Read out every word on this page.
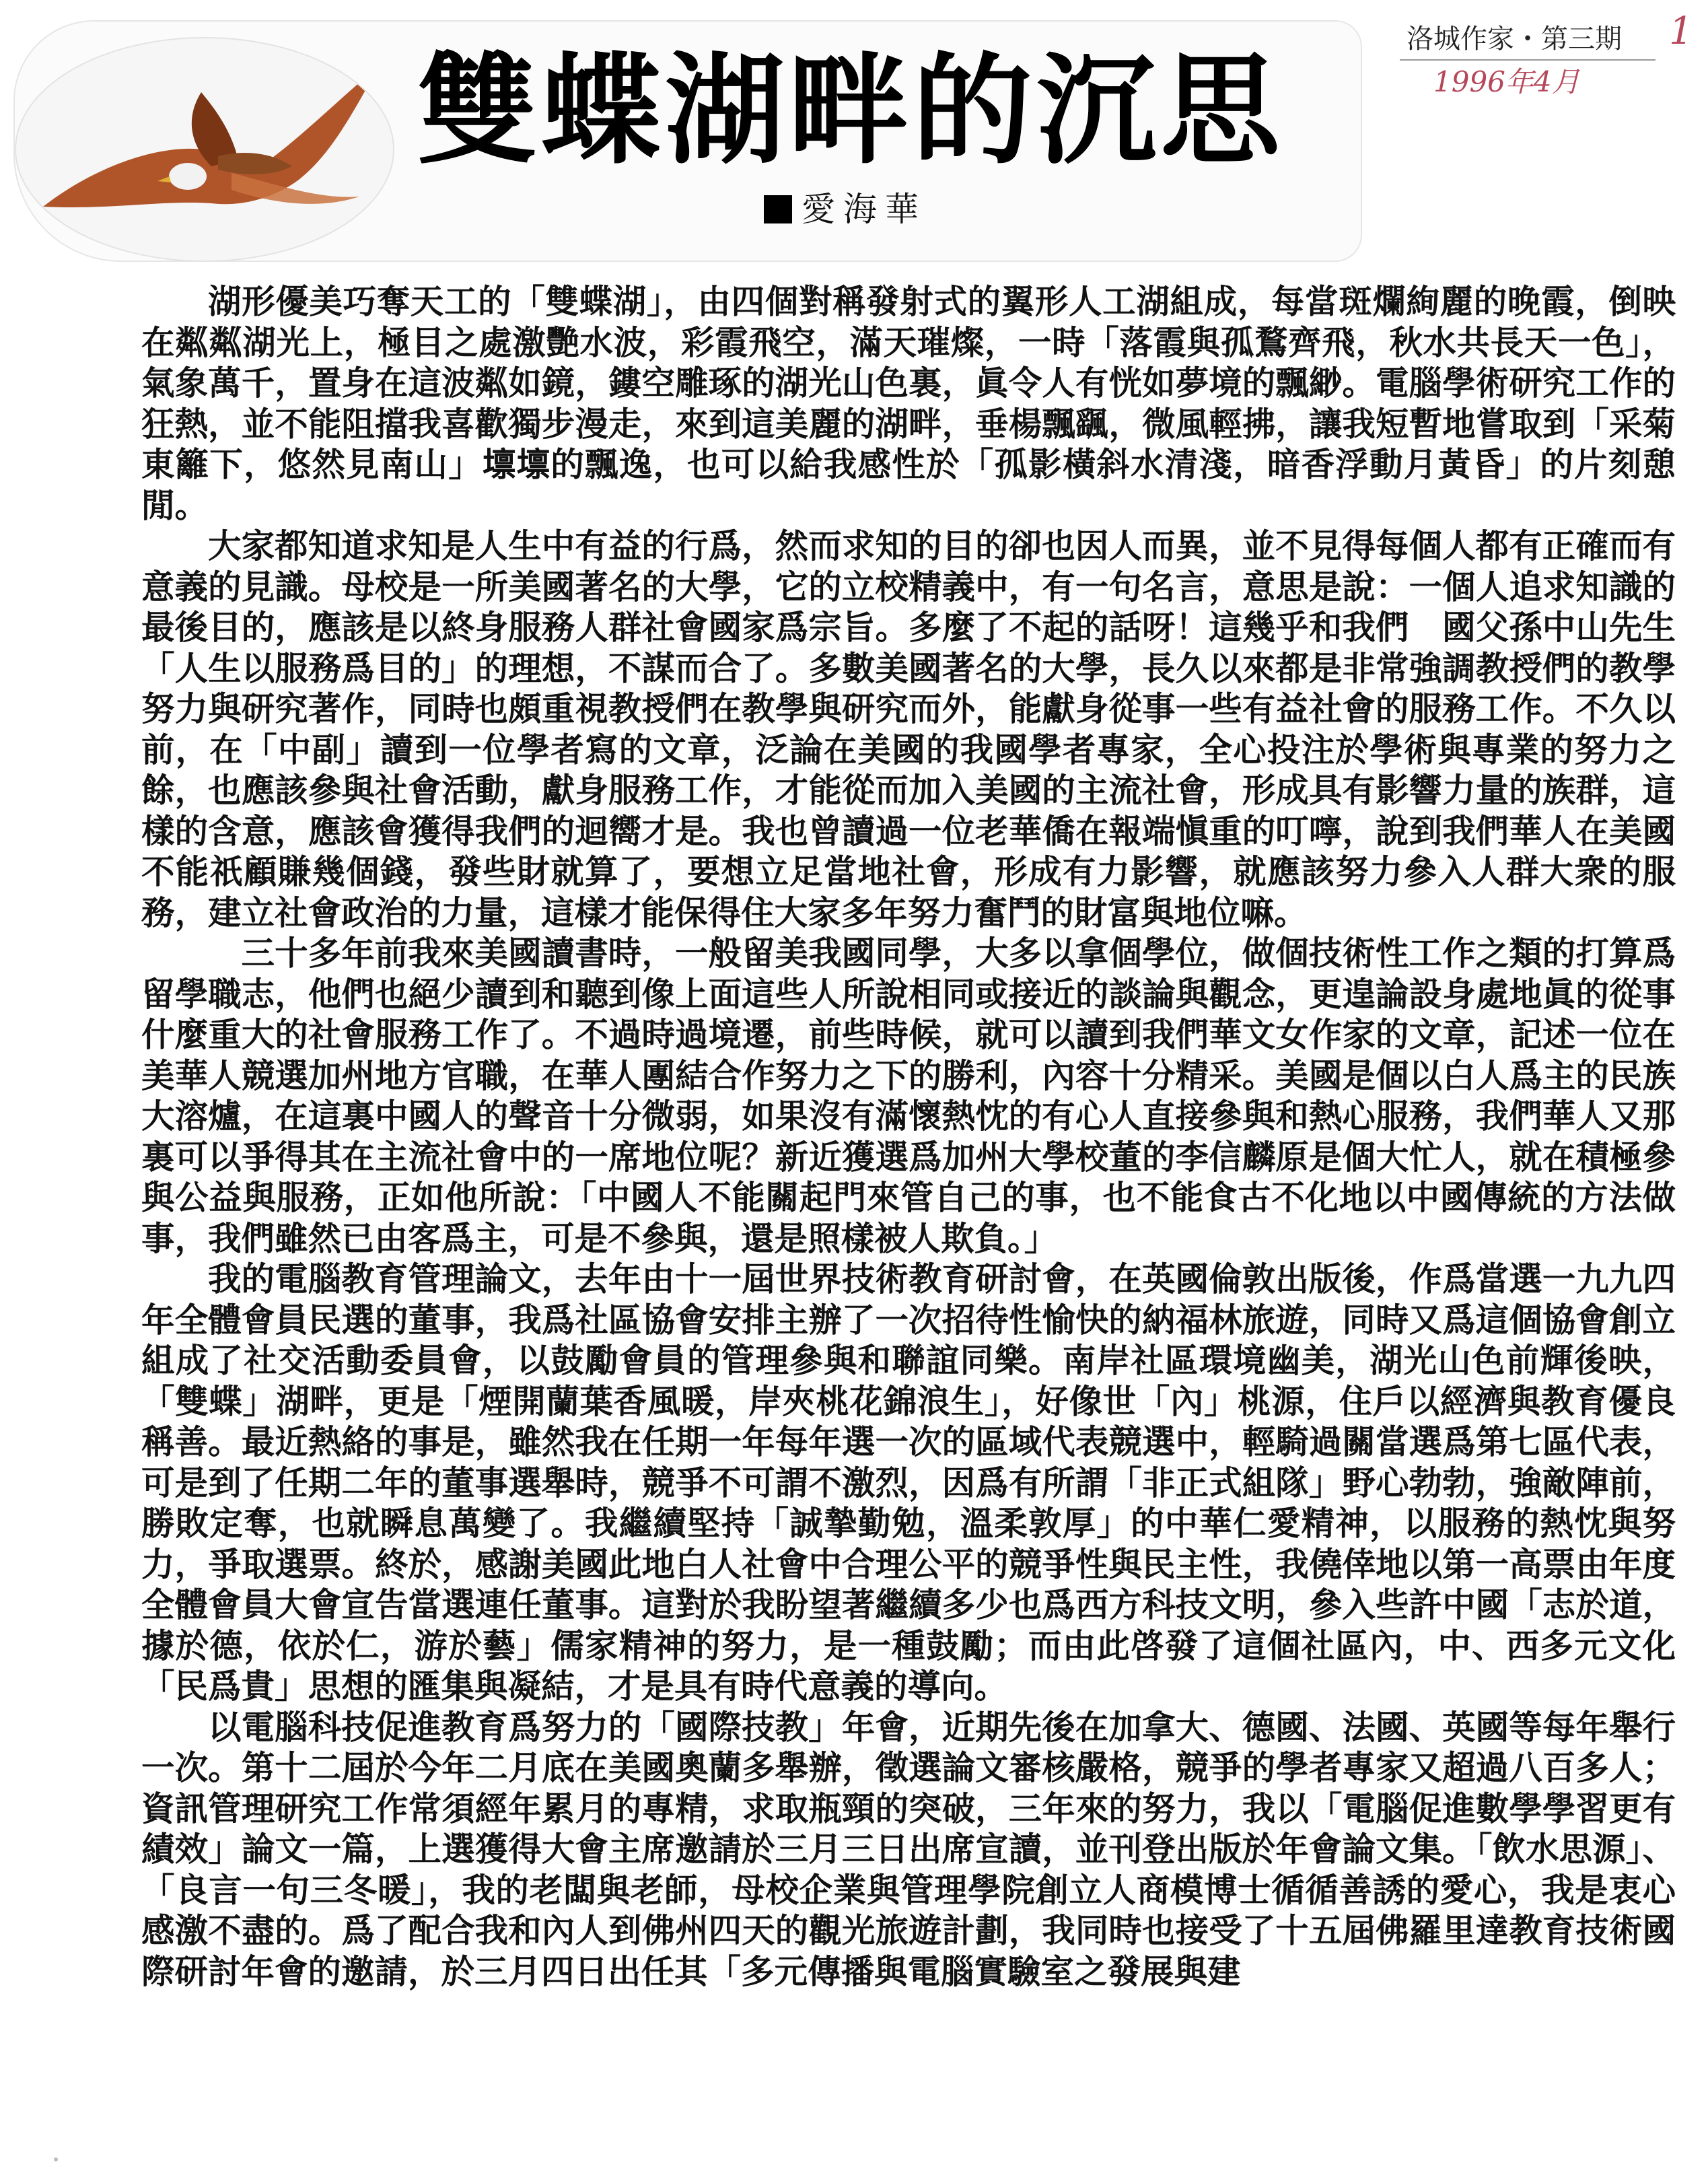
雙蝶湖畔的沉思
愛海華
洛城作家・第三期
1996年4月
1

湖形優美巧奪天工的「雙蝶湖」，由四個對稱發射式的翼形人工湖組成，每當斑爛絢麗的晚霞，倒映在粼粼湖光上，極目之處激艷水波，彩霞飛空，滿天璀燦，一時「落霞與孤鶩齊飛，秋水共長天一色」，氣象萬千，置身在這波粼如鏡，鏤空雕琢的湖光山色裏，眞令人有恍如夢境的飄緲。電腦學術研究工作的狂熱，並不能阻擋我喜歡獨步漫走，來到這美麗的湖畔，垂楊飄颻，微風輕拂，讓我短暫地嘗取到「采菊東籬下，悠然見南山」𡒄𡒄的飄逸，也可以給我感性於「孤影橫斜水清淺，暗香浮動月黃昏」的片刻憩閒。

大家都知道求知是人生中有益的行爲，然而求知的目的卻也因人而異，並不見得每個人都有正確而有意義的見識。母校是一所美國著名的大學，它的立校精義中，有一句名言，意思是說：一個人追求知識的最後目的，應該是以終身服務人群社會國家爲宗旨。多麼了不起的話呀！這幾乎和我們　國父孫中山先生「人生以服務爲目的」的理想，不謀而合了。多數美國著名的大學，長久以來都是非常強調教授們的教學努力與研究著作，同時也頗重視教授們在教學與研究而外，能獻身從事一些有益社會的服務工作。不久以前，在「中副」讀到一位學者寫的文章，泛論在美國的我國學者專家，全心投注於學術與專業的努力之餘，也應該參與社會活動，獻身服務工作，才能從而加入美國的主流社會，形成具有影響力量的族群，這樣的含意，應該會獲得我們的迴嚮才是。我也曾讀過一位老華僑在報端愼重的叮嚀，說到我們華人在美國不能祇顧賺幾個錢，發些財就算了，要想立足當地社會，形成有力影響，就應該努力參入人群大衆的服務，建立社會政治的力量，這樣才能保得住大家多年努力奮鬥的財富與地位嘛。

三十多年前我來美國讀書時，一般留美我國同學，大多以拿個學位，做個技術性工作之類的打算爲留學職志，他們也絕少讀到和聽到像上面這些人所說相同或接近的談論與觀念，更遑論設身處地眞的從事什麼重大的社會服務工作了。不過時過境遷，前些時候，就可以讀到我們華文女作家的文章，記述一位在美華人競選加州地方官職，在華人團結合作努力之下的勝利，內容十分精采。美國是個以白人爲主的民族大溶爐，在這裏中國人的聲音十分微弱，如果沒有滿懷熱忱的有心人直接參與和熱心服務，我們華人又那裏可以爭得其在主流社會中的一席地位呢？新近獲選爲加州大學校董的李信麟原是個大忙人，就在積極參與公益與服務，正如他所說：「中國人不能關起門來管自己的事，也不能食古不化地以中國傳統的方法做事，我們雖然已由客爲主，可是不參與，還是照樣被人欺負。」

我的電腦教育管理論文，去年由十一屆世界技術教育研討會，在英國倫敦出版後，作爲當選一九九四年全體會員民選的董事，我爲社區協會安排主辦了一次招待性愉快的納福林旅遊，同時又爲這個協會創立組成了社交活動委員會，以鼓勵會員的管理參與和聯誼同樂。南岸社區環境幽美，湖光山色前輝後映，「雙蝶」湖畔，更是「煙開蘭葉香風暖，岸夾桃花錦浪生」，好像世「內」桃源，住戶以經濟與教育優良稱善。最近熱絡的事是，雖然我在任期一年每年選一次的區域代表競選中，輕騎過關當選爲第七區代表，可是到了任期二年的董事選舉時，競爭不可謂不激烈，因爲有所謂「非正式組隊」野心勃勃，強敵陣前，勝敗定奪，也就瞬息萬變了。我繼續堅持「誠摯勤勉，溫柔敦厚」的中華仁愛精神，以服務的熱忱與努力，爭取選票。終於，感謝美國此地白人社會中合理公平的競爭性與民主性，我僥倖地以第一高票由年度全體會員大會宣告當選連任董事。這對於我盼望著繼續多少也爲西方科技文明，參入些許中國「志於道，據於德，依於仁，游於藝」儒家精神的努力，是一種鼓勵；而由此啓發了這個社區內，中、西多元文化「民爲貴」思想的匯集與凝結，才是具有時代意義的導向。

以電腦科技促進教育爲努力的「國際技教」年會，近期先後在加拿大、德國、法國、英國等每年舉行一次。第十二屆於今年二月底在美國奧蘭多舉辦，徵選論文審核嚴格，競爭的學者專家又超過八百多人；資訊管理研究工作常須經年累月的專精，求取瓶頸的突破，三年來的努力，我以「電腦促進數學學習更有績效」論文一篇，上選獲得大會主席邀請於三月三日出席宣讀，並刊登出版於年會論文集。「飲水思源」、「良言一句三冬暖」，我的老闆與老師，母校企業與管理學院創立人商模博士循循善誘的愛心，我是衷心感激不盡的。爲了配合我和內人到佛州四天的觀光旅遊計劃，我同時也接受了十五屆佛羅里達教育技術國際研討年會的邀請，於三月四日出任其「多元傳播與電腦實驗室之發展與建
